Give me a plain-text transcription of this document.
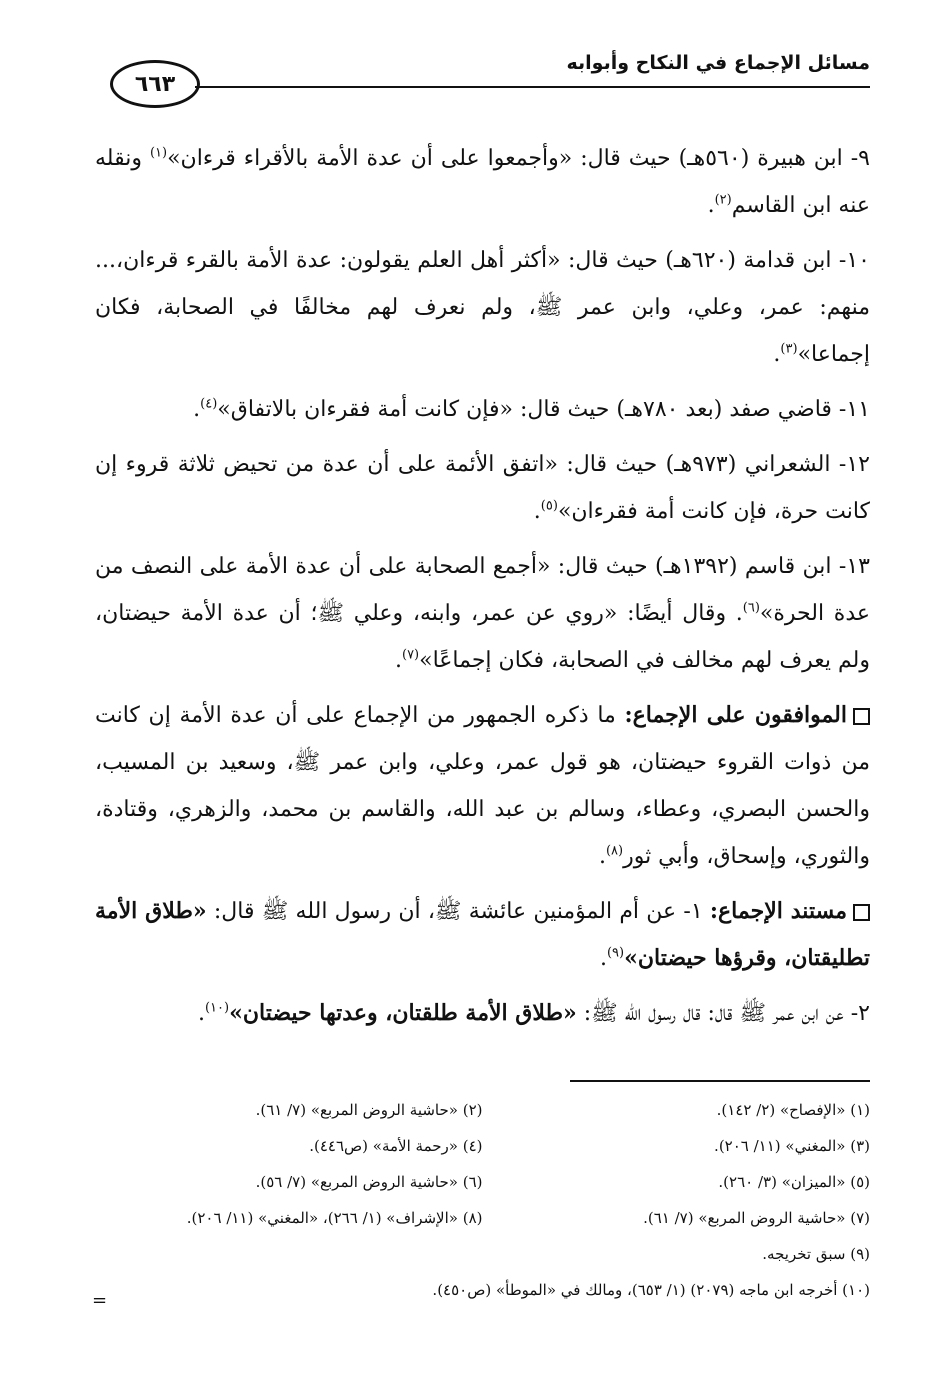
مسائل الإجماع في النكاح وأبوابه
٦٦٣

٩- ابن هبيرة (٥٦٠هـ) حيث قال: «وأجمعوا على أن عدة الأمة بالأقراء قرءان»$^{(١)}$ ونقله عنه ابن القاسم$^{(٢)}$.

١٠- ابن قدامة (٦٢٠هـ) حيث قال: «أكثر أهل العلم يقولون: عدة الأمة بالقرء قرءان،... منهم: عمر، وعلي، وابن عمر ﷺ، ولم نعرف لهم مخالفًا في الصحابة، فكان إجماعا»$^{(٣)}$.

١١- قاضي صفد (بعد ٧٨٠هـ) حيث قال: «فإن كانت أمة فقرءان بالاتفاق»$^{(٤)}$.

١٢- الشعراني (٩٧٣هـ) حيث قال: «اتفق الأئمة على أن عدة من تحيض ثلاثة قروء إن كانت حرة، فإن كانت أمة فقرءان»$^{(٥)}$.

١٣- ابن قاسم (١٣٩٢هـ) حيث قال: «أجمع الصحابة على أن عدة الأمة على النصف من عدة الحرة»$^{(٦)}$. وقال أيضًا: «روي عن عمر، وابنه، وعلي ﷺ؛ أن عدة الأمة حيضتان، ولم يعرف لهم مخالف في الصحابة، فكان إجماعًا»$^{(٧)}$.

الموافقون على الإجماع: ما ذكره الجمهور من الإجماع على أن عدة الأمة إن كانت من ذوات القروء حيضتان، هو قول عمر، وعلي، وابن عمر ﷺ، وسعيد بن المسيب، والحسن البصري، وعطاء، وسالم بن عبد الله، والقاسم بن محمد، والزهري، وقتادة، والثوري، وإسحاق، وأبي ثور$^{(٨)}$.

مستند الإجماع: ١- عن أم المؤمنين عائشة ﷺ، أن رسول الله ﷺ قال: «طلاق الأمة تطليقتان، وقرؤها حيضتان»$^{(٩)}$.

٢- عن ابن عمر ﷺ قال: قال رسول الله ﷺ: «طلاق الأمة طلقتان، وعدتها حيضتان»$^{(١٠)}$.

(١) «الإفصاح» (٢/ ١٤٢).
(٢) «حاشية الروض المربع» (٧/ ٦١).
(٣) «المغني» (١١/ ٢٠٦).
(٤) «رحمة الأمة» (ص٤٤٦).
(٥) «الميزان» (٣/ ٢٦٠).
(٦) «حاشية الروض المربع» (٧/ ٥٦).
(٧) «حاشية الروض المربع» (٧/ ٦١).
(٨) «الإشراف» (١/ ٢٦٦)، «المغني» (١١/ ٢٠٦).
(٩) سبق تخريجه.
(١٠) أخرجه ابن ماجه (٢٠٧٩) (١/ ٦٥٣)، ومالك في «الموطأ» (ص٤٥٠).
=
